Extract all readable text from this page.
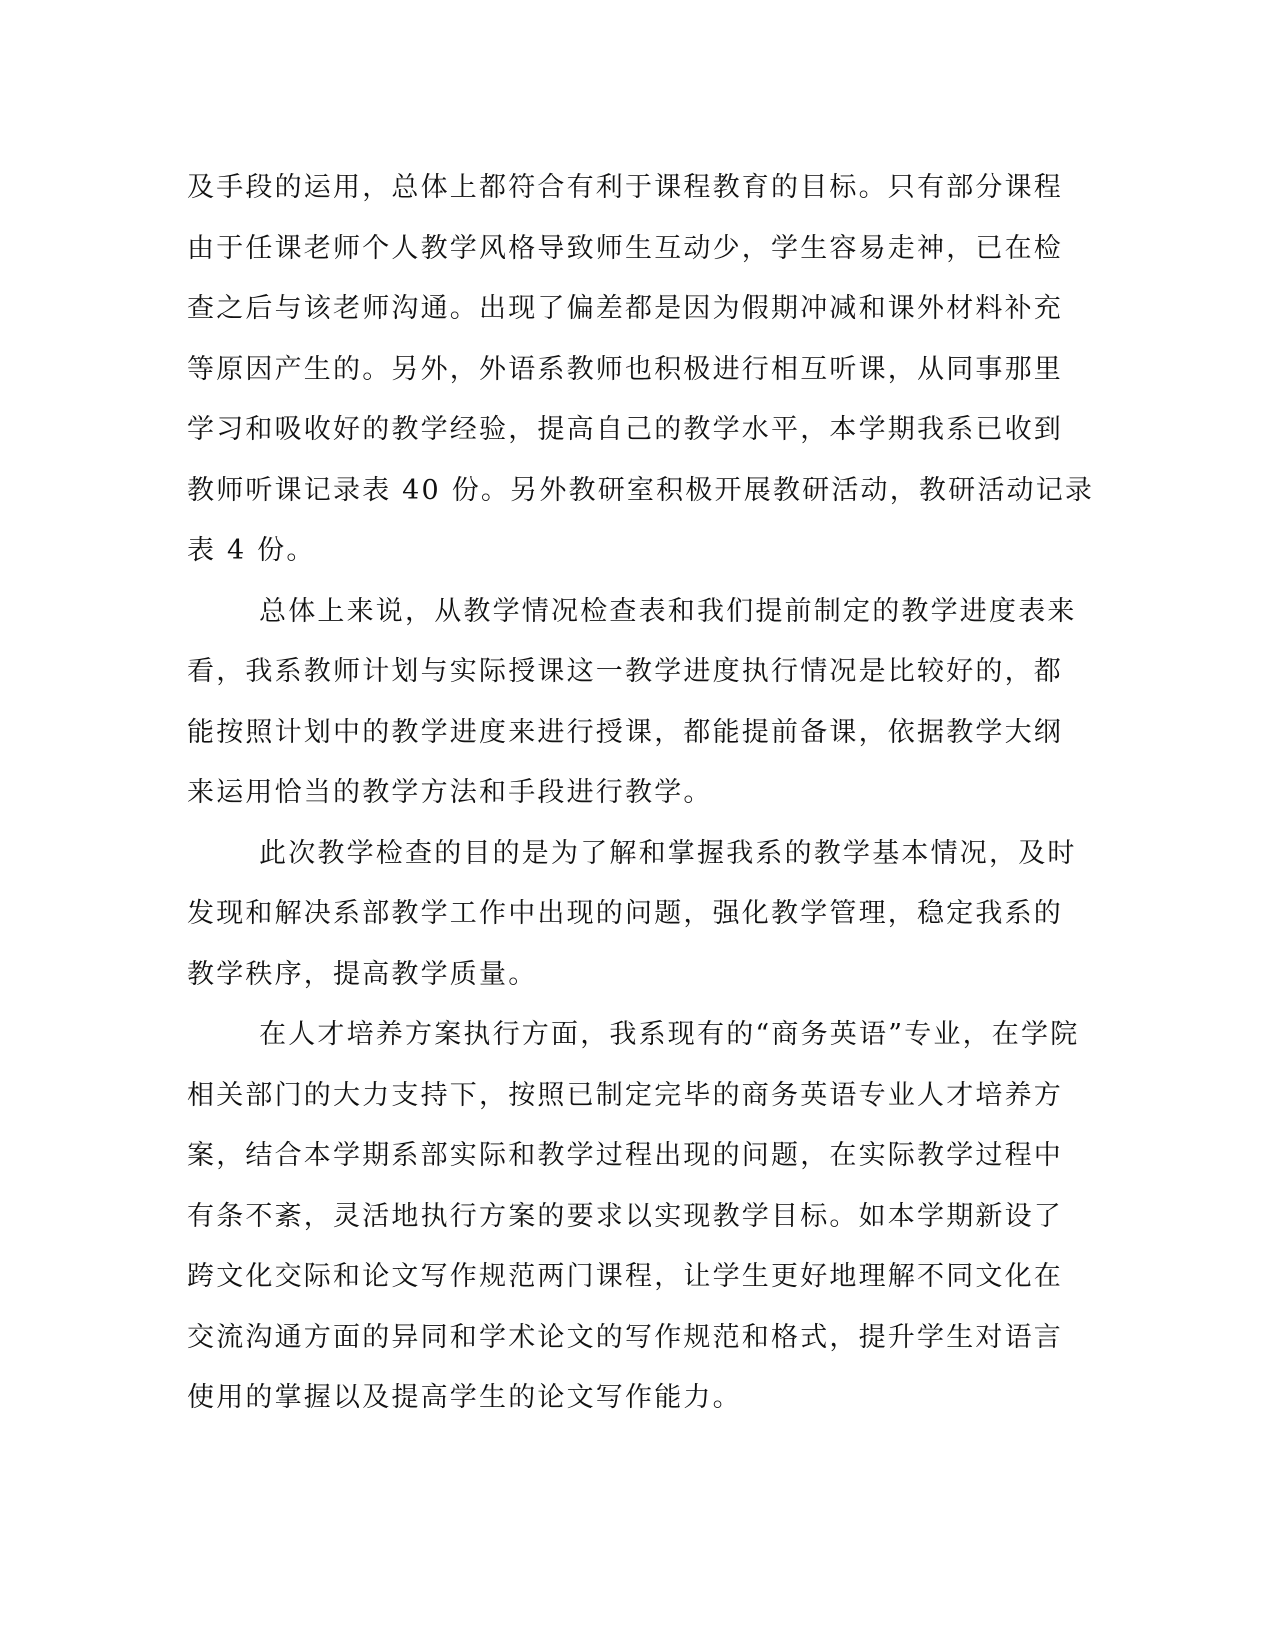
及手段的运用，总体上都符合有利于课程教育的目标。只有部分课程
由于任课老师个人教学风格导致师生互动少，学生容易走神，已在检
查之后与该老师沟通。出现了偏差都是因为假期冲减和课外材料补充
等原因产生的。另外，外语系教师也积极进行相互听课，从同事那里
学习和吸收好的教学经验，提高自己的教学水平，本学期我系已收到
教师听课记录表 40 份。另外教研室积极开展教研活动，教研活动记录
表 4 份。
总体上来说，从教学情况检查表和我们提前制定的教学进度表来
看，我系教师计划与实际授课这一教学进度执行情况是比较好的，都
能按照计划中的教学进度来进行授课，都能提前备课，依据教学大纲
来运用恰当的教学方法和手段进行教学。
此次教学检查的目的是为了解和掌握我系的教学基本情况，及时
发现和解决系部教学工作中出现的问题，强化教学管理，稳定我系的
教学秩序，提高教学质量。
在人才培养方案执行方面，我系现有的“商务英语”专业，在学院
相关部门的大力支持下，按照已制定完毕的商务英语专业人才培养方
案，结合本学期系部实际和教学过程出现的问题，在实际教学过程中
有条不紊，灵活地执行方案的要求以实现教学目标。如本学期新设了
跨文化交际和论文写作规范两门课程，让学生更好地理解不同文化在
交流沟通方面的异同和学术论文的写作规范和格式，提升学生对语言
使用的掌握以及提高学生的论文写作能力。
